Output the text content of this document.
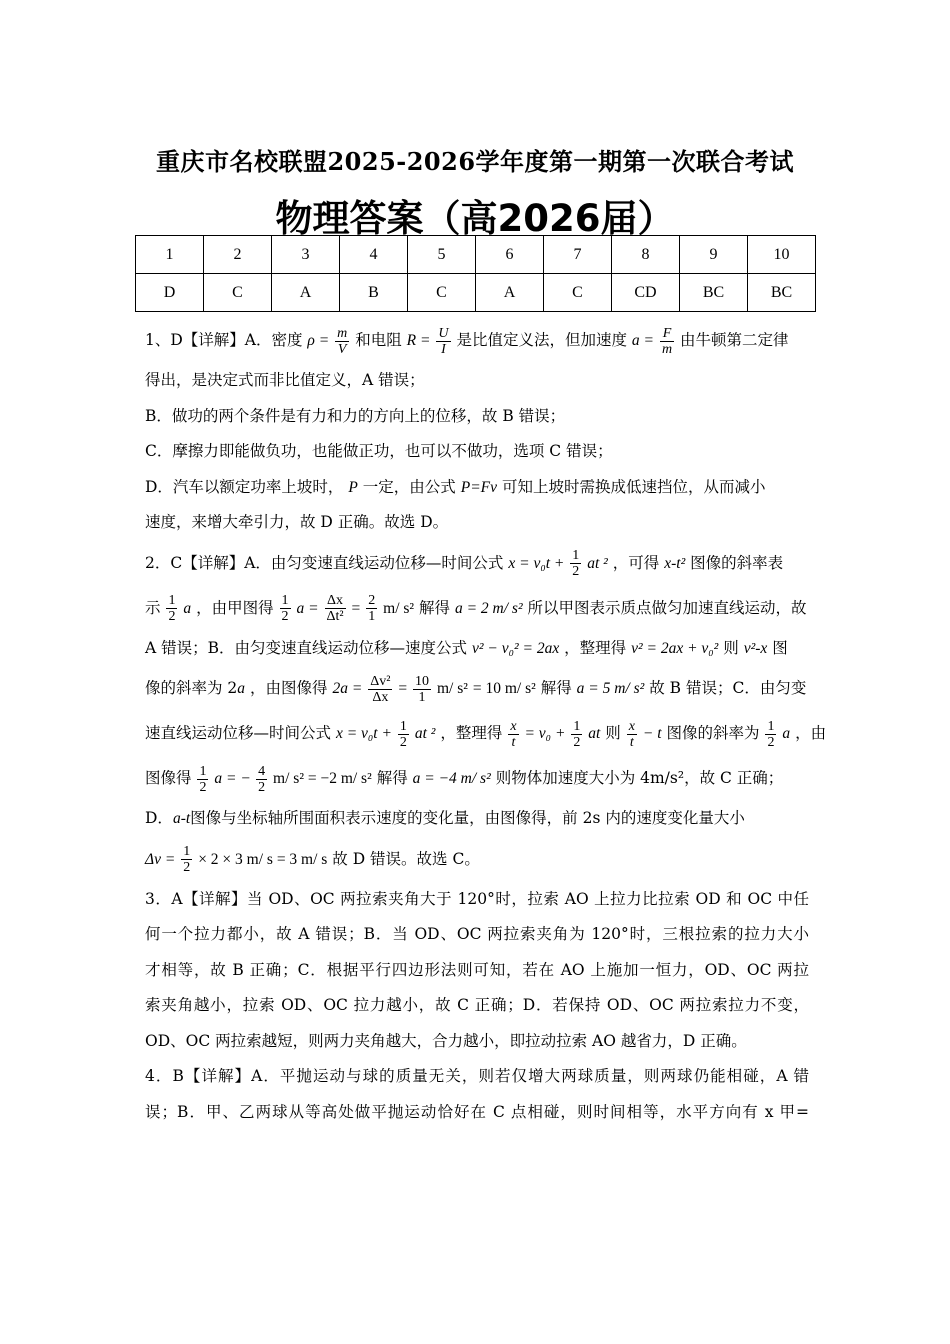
重庆市名校联盟2025-2026学年度第一期第一次联合考试
物理答案（高2026届）
1	2	3	4	5	6	7	8	9	10
D	C	A	B	C	A	C	CD	BC	BC
1、D【详解】A．密度 $\rho = \frac{m}{V}$ 和电阻 $R = \frac{U}{I}$ 是比值定义法，但加速度 $a = \frac{F}{m}$ 由牛顿第二定律
得出，是决定式而非比值定义，A 错误；
B．做功的两个条件是有力和力的方向上的位移，故 B 错误；
C．摩擦力即能做负功，也能做正功，也可以不做功，选项 C 错误；
D．汽车以额定功率上坡时， P 一定，由公式 P=Fv 可知上坡时需换成低速挡位，从而减小
速度，来增大牵引力，故 D 正确。故选 D。
2．C【详解】A．由匀变速直线运动位移—时间公式 $x = v_0t + \frac{1}{2}$ at ² ，可得 x-t² 图像的斜率表
示 $\frac{1}{2}$ a ，由甲图得 $\frac{1}{2}$ $a = \frac{\Delta x}{\text{Δt²}} = \frac{2}{1} m/$ s² 解得 a = 2 m/ s² 所以甲图表示质点做匀加速直线运动，故
A 错误；B．由匀变速直线运动位移—速度公式 v² − v₀² = 2ax ，整理得 v² = 2ax + v₀² 则 v²-x 图
像的斜率为 2a ，由图像得 $2a = \frac{\text{Δv²}}{\Delta x} = \frac{10}{1} m/$ s² = 10 m/ s² 解得 a = 5 m/ s² 故 B 错误；C．由匀变
速直线运动位移—时间公式 $x = v_0t + \frac{1}{2}$ at ² ，整理得 $\frac{x}{t} = v_0 + \frac{1}{2}$ at 则 $\frac{x}{t} - t$ 图像的斜率为 $\frac{1}{2}$ a ，由
图像得 $\frac{1}{2}$ a = − $\frac{4}{2} m/$ s² = −2 m/ s² 解得 a = −4 m/ s² 则物体加速度大小为 4m/s²，故 C 正确；
D．a-t图像与坐标轴所围面积表示速度的变化量，由图像得，前 2s 内的速度变化量大小
$\Delta v = \frac{1}{2} \times 2 \times 3$ m/ s = 3 m/ s 故 D 错误。故选 C。
3．A【详解】当 OD、OC 两拉索夹角大于 120°时，拉索 AO 上拉力比拉索 OD 和 OC 中任
何一个拉力都小，故 A 错误；B．当 OD、OC 两拉索夹角为 120°时，三根拉索的拉力大小
才相等，故 B 正确；C．根据平行四边形法则可知，若在 AO 上施加一恒力，OD、OC 两拉
索夹角越小，拉索 OD、OC 拉力越小，故 C 正确；D．若保持 OD、OC 两拉索拉力不变，
OD、OC 两拉索越短，则两力夹角越大，合力越小，即拉动拉索 AO 越省力，D 正确。
4．B【详解】A．平抛运动与球的质量无关，则若仅增大两球质量，则两球仍能相碰，A 错
误；B．甲、乙两球从等高处做平抛运动恰好在 C 点相碰，则时间相等，水平方向有 x 甲=
